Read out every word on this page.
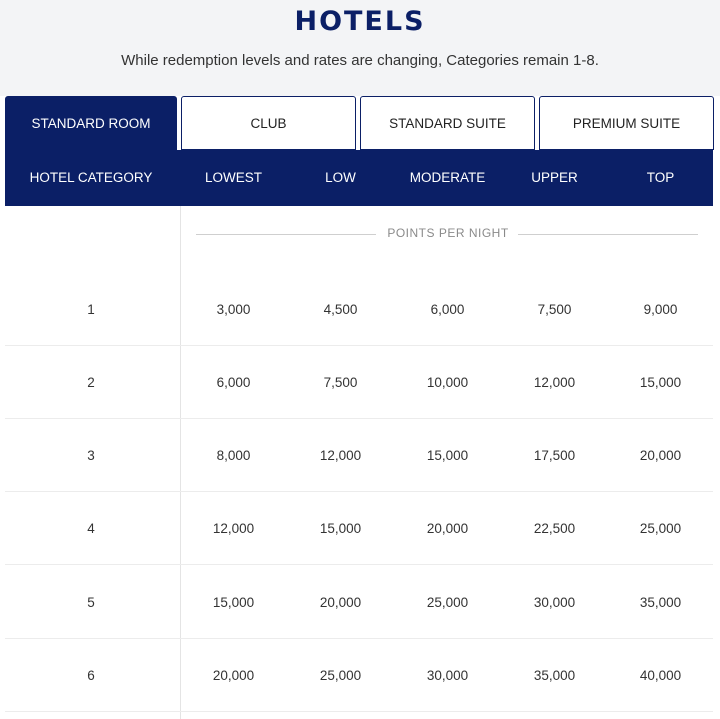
HOTELS
While redemption levels and rates are changing, Categories remain 1-8.
STANDARD ROOM	CLUB	STANDARD SUITE	PREMIUM SUITE
HOTEL CATEGORY	LOWEST	LOW	MODERATE	UPPER	TOP
POINTS PER NIGHT
1	3,000	4,500	6,000	7,500	9,000
2	6,000	7,500	10,000	12,000	15,000
3	8,000	12,000	15,000	17,500	20,000
4	12,000	15,000	20,000	22,500	25,000
5	15,000	20,000	25,000	30,000	35,000
6	20,000	25,000	30,000	35,000	40,000
